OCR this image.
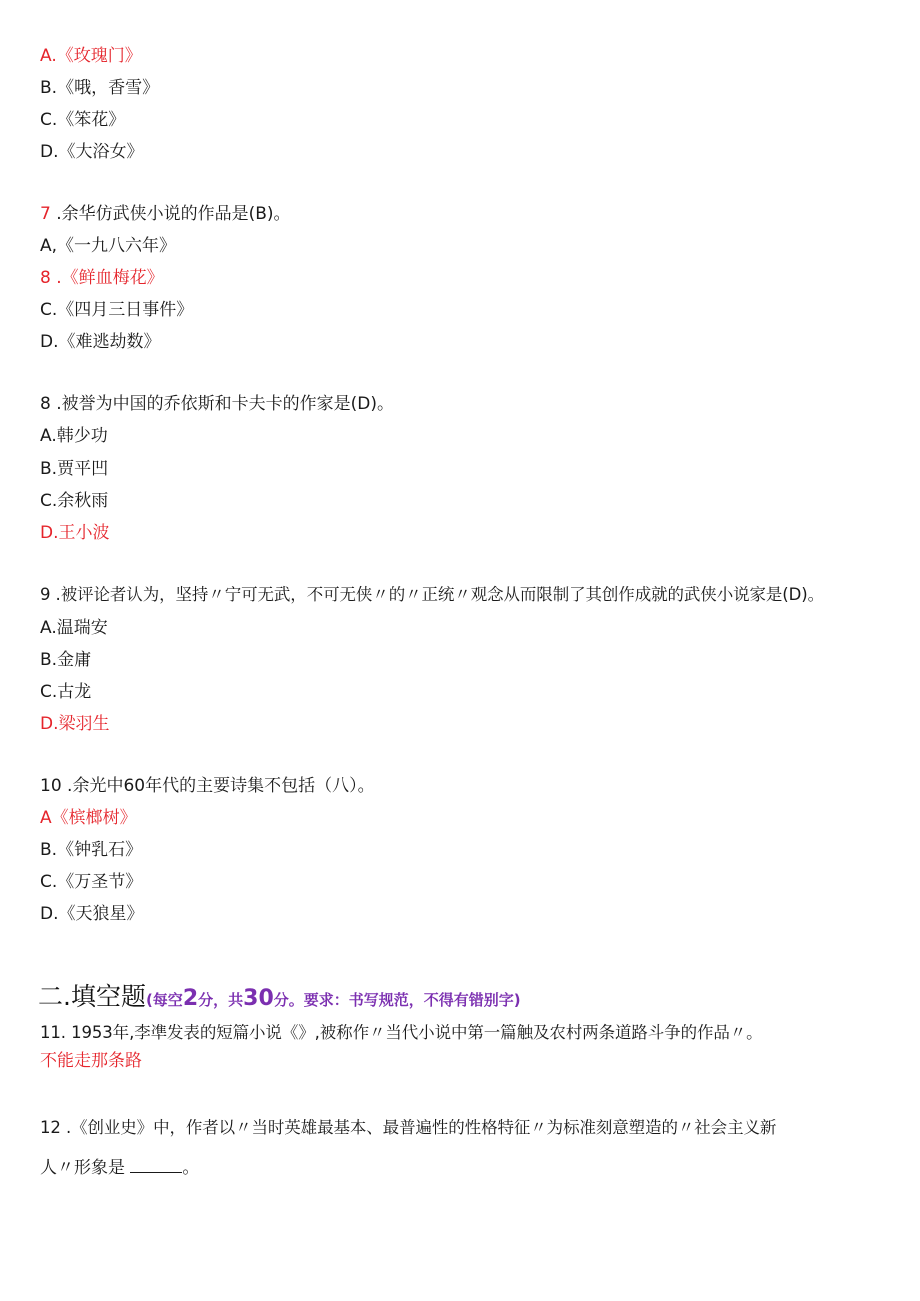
A.《玫瑰门》
B.《哦，香雪》
C.《笨花》
D.《大浴女》
7 .余华仿武侠小说的作品是(B)。
A,《一九八六年》
8 .《鲜血梅花》
C.《四月三日事件》
D.《难逃劫数》
8 .被誉为中国的乔依斯和卡夫卡的作家是(D)。
A.韩少功
B.贾平凹
C.余秋雨
D.王小波
9 .被评论者认为，坚持〃宁可无武，不可无侠〃的〃正统〃观念从而限制了其创作成就的武侠小说家是(D)。
A.温瑞安
B.金庸
C.古龙
D.梁羽生
10 .余光中60年代的主要诗集不包括（八）。
A《槟榔树》
B.《钟乳石》
C.《万圣节》
D.《天狼星》
二.填空题(每空2分，共30分。要求：书写规范，不得有错别字)
11. 1953年,李凖发表的短篇小说《》,被称作〃当代小说中第一篇触及农村两条道路斗争的作品〃。
不能走那条路
12 .《创业史》中，作者以〃当时英雄最基本、最普遍性的性格特征〃为标准刻意塑造的〃社会主义新
人〃形象是	。
